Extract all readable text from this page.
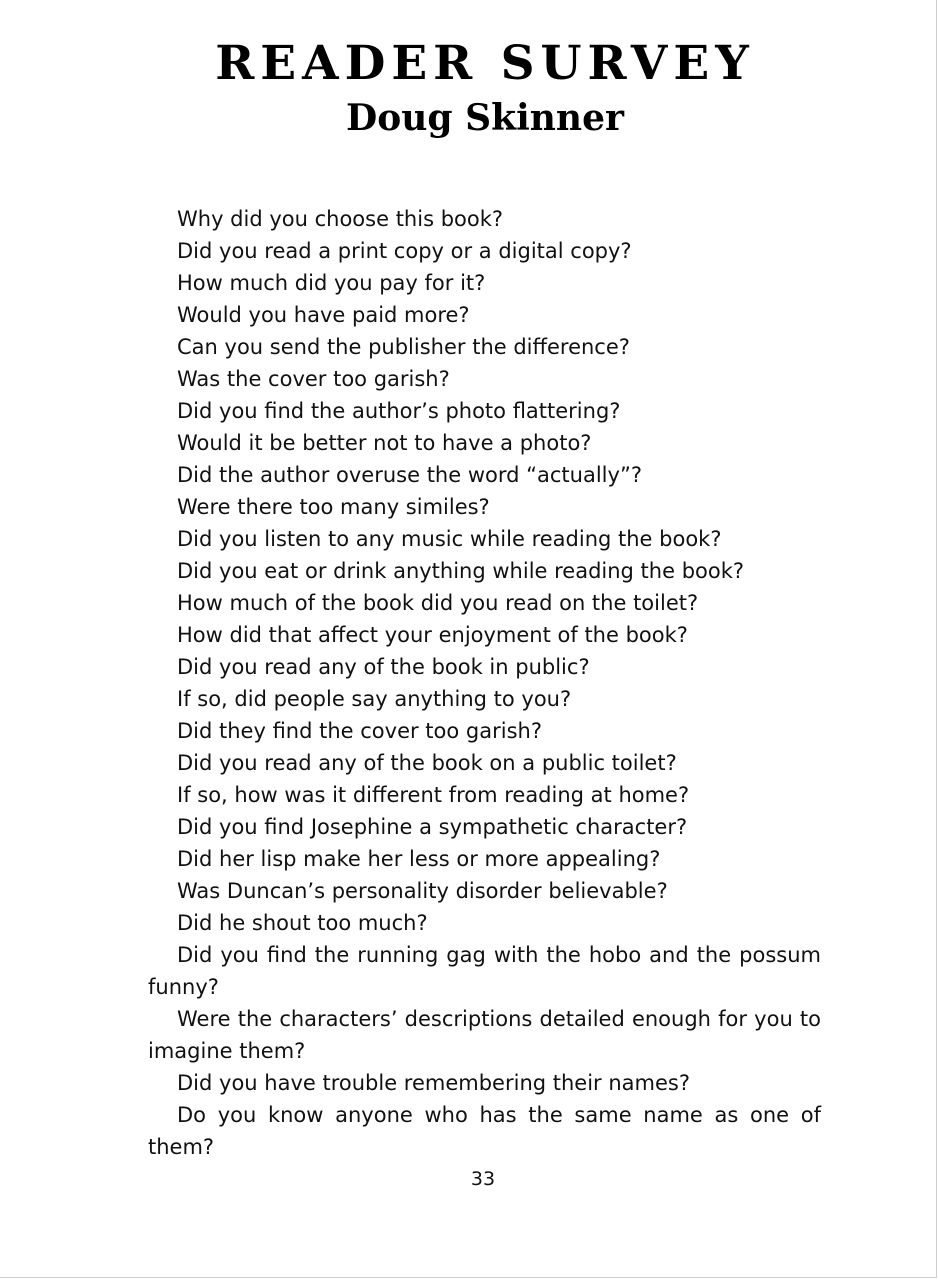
READER SURVEY
Doug Skinner
Why did you choose this book?
Did you read a print copy or a digital copy?
How much did you pay for it?
Would you have paid more?
Can you send the publisher the difference?
Was the cover too garish?
Did you find the author’s photo flattering?
Would it be better not to have a photo?
Did the author overuse the word “actually”?
Were there too many similes?
Did you listen to any music while reading the book?
Did you eat or drink anything while reading the book?
How much of the book did you read on the toilet?
How did that affect your enjoyment of the book?
Did you read any of the book in public?
If so, did people say anything to you?
Did they find the cover too garish?
Did you read any of the book on a public toilet?
If so, how was it different from reading at home?
Did you find Josephine a sympathetic character?
Did her lisp make her less or more appealing?
Was Duncan’s personality disorder believable?
Did he shout too much?
Did you find the running gag with the hobo and the possum funny?
Were the characters’ descriptions detailed enough for you to imagine them?
Did you have trouble remembering their names?
Do you know anyone who has the same name as one of them?
33
